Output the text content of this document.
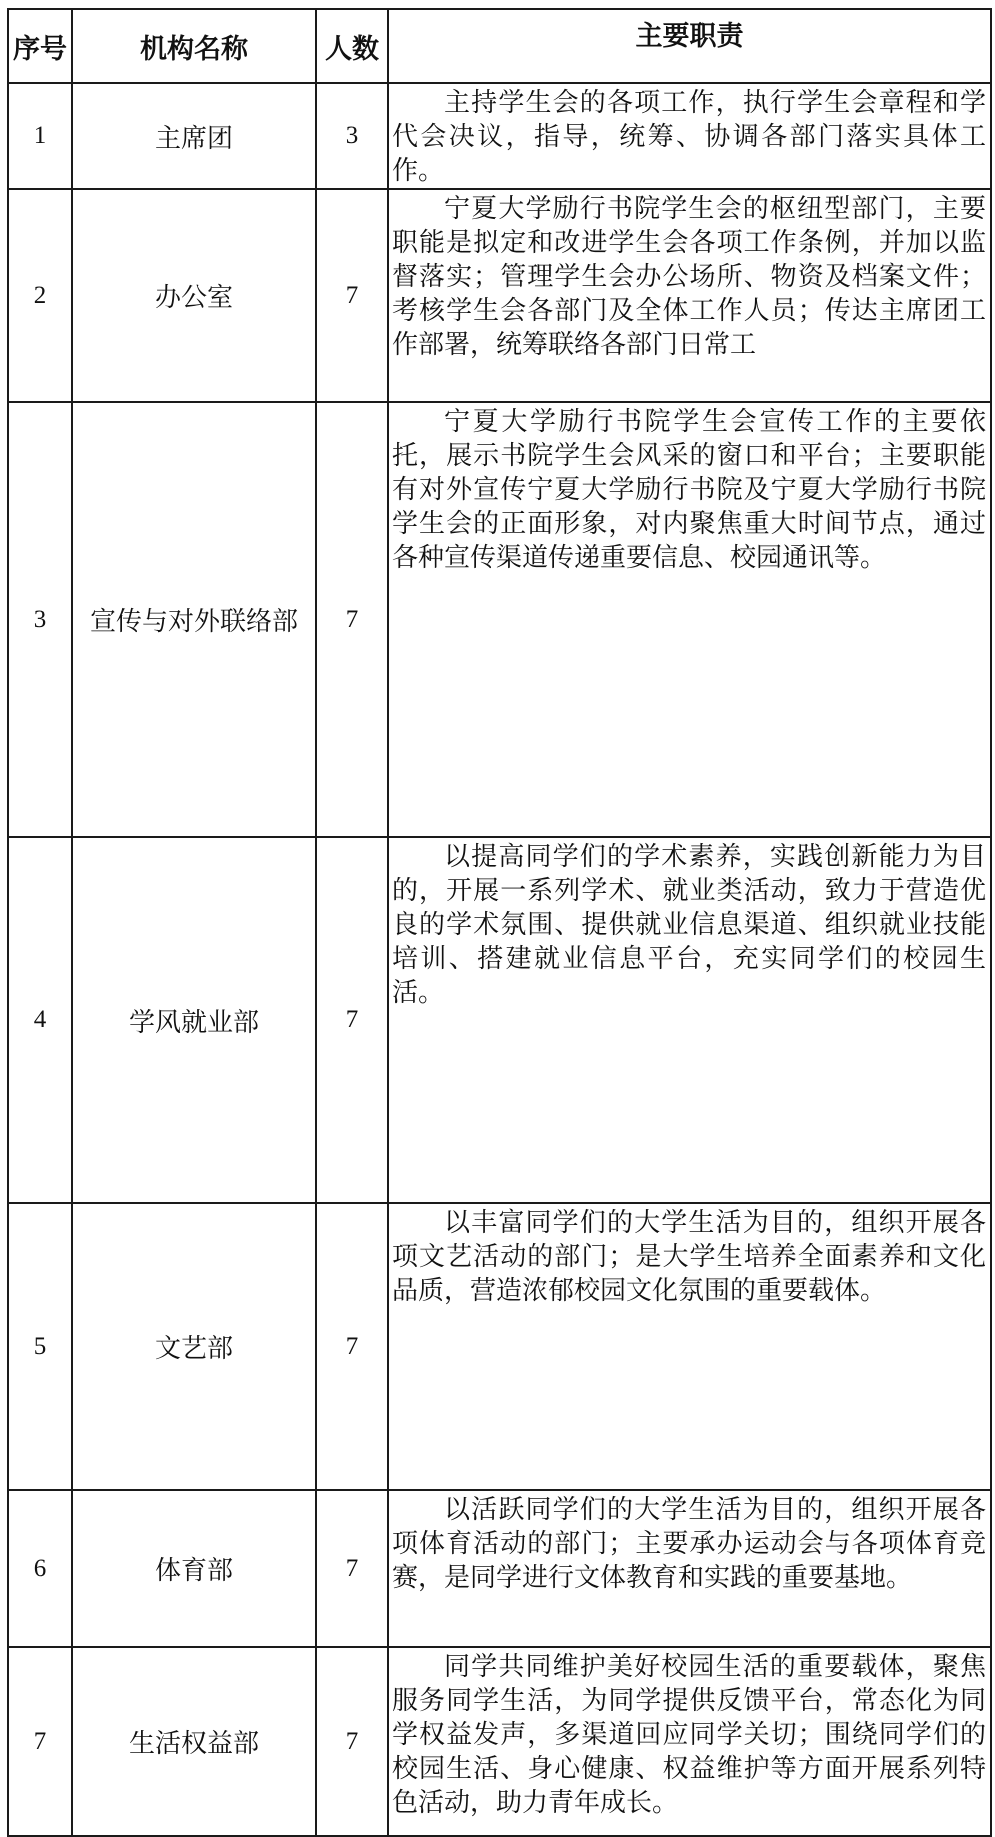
序号	机构名称	人数	主要职责
1	主席团	3	主持学生会的各项工作，执行学生会章程和学代会决议，指导，统筹、协调各部门落实具体工作。
2	办公室	7	宁夏大学励行书院学生会的枢纽型部门，主要职能是拟定和改进学生会各项工作条例，并加以监督落实；管理学生会办公场所、物资及档案文件；考核学生会各部门及全体工作人员；传达主席团工作部署，统筹联络各部门日常工
3	宣传与对外联络部	7	宁夏大学励行书院学生会宣传工作的主要依托，展示书院学生会风采的窗口和平台；主要职能有对外宣传宁夏大学励行书院及宁夏大学励行书院学生会的正面形象，对内聚焦重大时间节点，通过各种宣传渠道传递重要信息、校园通讯等。
4	学风就业部	7	以提高同学们的学术素养，实践创新能力为目的，开展一系列学术、就业类活动，致力于营造优良的学术氛围、提供就业信息渠道、组织就业技能培训、搭建就业信息平台，充实同学们的校园生活。
5	文艺部	7	以丰富同学们的大学生活为目的，组织开展各项文艺活动的部门；是大学生培养全面素养和文化品质，营造浓郁校园文化氛围的重要载体。
6	体育部	7	以活跃同学们的大学生活为目的，组织开展各项体育活动的部门；主要承办运动会与各项体育竞赛，是同学进行文体教育和实践的重要基地。
7	生活权益部	7	同学共同维护美好校园生活的重要载体，聚焦服务同学生活，为同学提供反馈平台，常态化为同学权益发声，多渠道回应同学关切；围绕同学们的校园生活、身心健康、权益维护等方面开展系列特色活动，助力青年成长。
